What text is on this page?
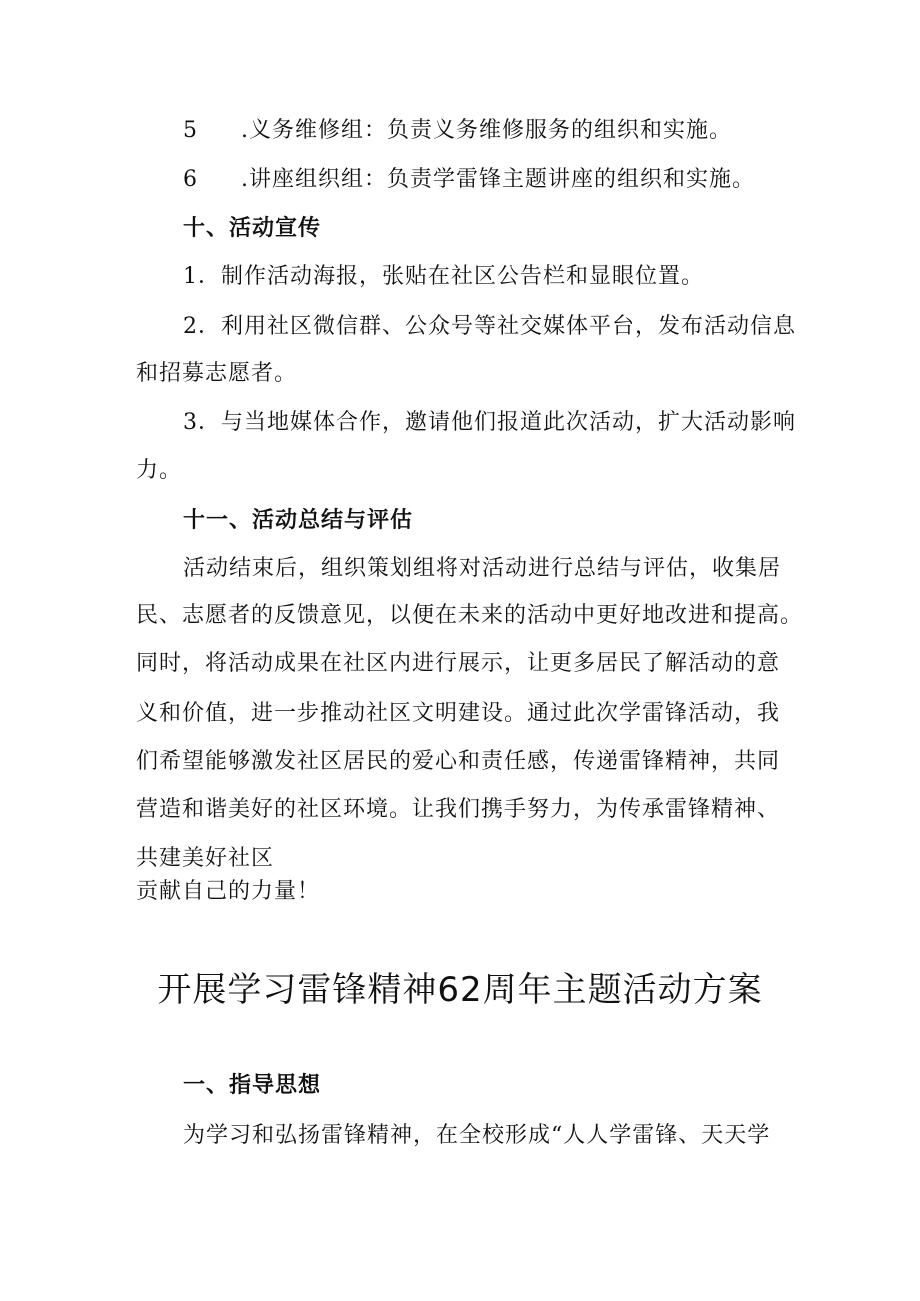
5 .义务维修组：负责义务维修服务的组织和实施。
6 .讲座组织组：负责学雷锋主题讲座的组织和实施。
十、活动宣传
1．制作活动海报，张贴在社区公告栏和显眼位置。
2．利用社区微信群、公众号等社交媒体平台，发布活动信息
和招募志愿者。
3．与当地媒体合作，邀请他们报道此次活动，扩大活动影响
力。
十一、活动总结与评估
活动结束后，组织策划组将对活动进行总结与评估，收集居
民、志愿者的反馈意见，以便在未来的活动中更好地改进和提高。
同时，将活动成果在社区内进行展示，让更多居民了解活动的意
义和价值，进一步推动社区文明建设。通过此次学雷锋活动，我
们希望能够激发社区居民的爱心和责任感，传递雷锋精神，共同
营造和谐美好的社区环境。让我们携手努力，为传承雷锋精神、
共建美好社区
贡献自己的力量！
开展学习雷锋精神62周年主题活动方案
一、指导思想
为学习和弘扬雷锋精神，在全校形成“人人学雷锋、天天学
